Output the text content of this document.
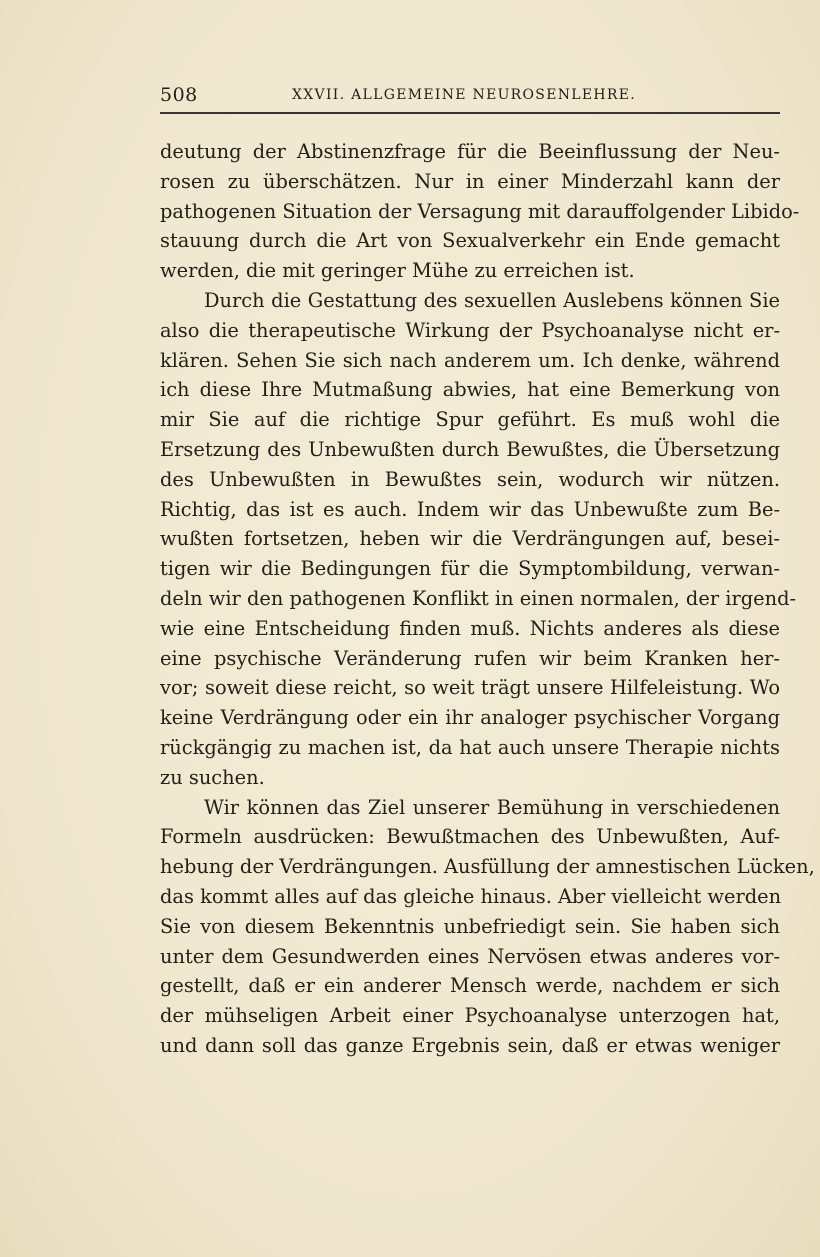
508	XXVII. ALLGEMEINE NEUROSENLEHRE.
deutung der Abstinenzfrage für die Beeinflussung der Neu-
rosen zu überschätzen. Nur in einer Minderzahl kann der
pathogenen Situation der Versagung mit darauffolgender Libido-
stauung durch die Art von Sexualverkehr ein Ende gemacht
werden, die mit geringer Mühe zu erreichen ist.
Durch die Gestattung des sexuellen Auslebens können Sie
also die therapeutische Wirkung der Psychoanalyse nicht er-
klären. Sehen Sie sich nach anderem um. Ich denke, während
ich diese Ihre Mutmaßung abwies, hat eine Bemerkung von
mir Sie auf die richtige Spur geführt. Es muß wohl die
Ersetzung des Unbewußten durch Bewußtes, die Übersetzung
des Unbewußten in Bewußtes sein, wodurch wir nützen.
Richtig, das ist es auch. Indem wir das Unbewußte zum Be-
wußten fortsetzen, heben wir die Verdrängungen auf, besei-
tigen wir die Bedingungen für die Symptombildung, verwan-
deln wir den pathogenen Konflikt in einen normalen, der irgend-
wie eine Entscheidung finden muß. Nichts anderes als diese
eine psychische Veränderung rufen wir beim Kranken her-
vor; soweit diese reicht, so weit trägt unsere Hilfeleistung. Wo
keine Verdrängung oder ein ihr analoger psychischer Vorgang
rückgängig zu machen ist, da hat auch unsere Therapie nichts
zu suchen.
Wir können das Ziel unserer Bemühung in verschiedenen
Formeln ausdrücken: Bewußtmachen des Unbewußten, Auf-
hebung der Verdrängungen. Ausfüllung der amnestischen Lücken,
das kommt alles auf das gleiche hinaus. Aber vielleicht werden
Sie von diesem Bekenntnis unbefriedigt sein. Sie haben sich
unter dem Gesundwerden eines Nervösen etwas anderes vor-
gestellt, daß er ein anderer Mensch werde, nachdem er sich
der mühseligen Arbeit einer Psychoanalyse unterzogen hat,
und dann soll das ganze Ergebnis sein, daß er etwas weniger
